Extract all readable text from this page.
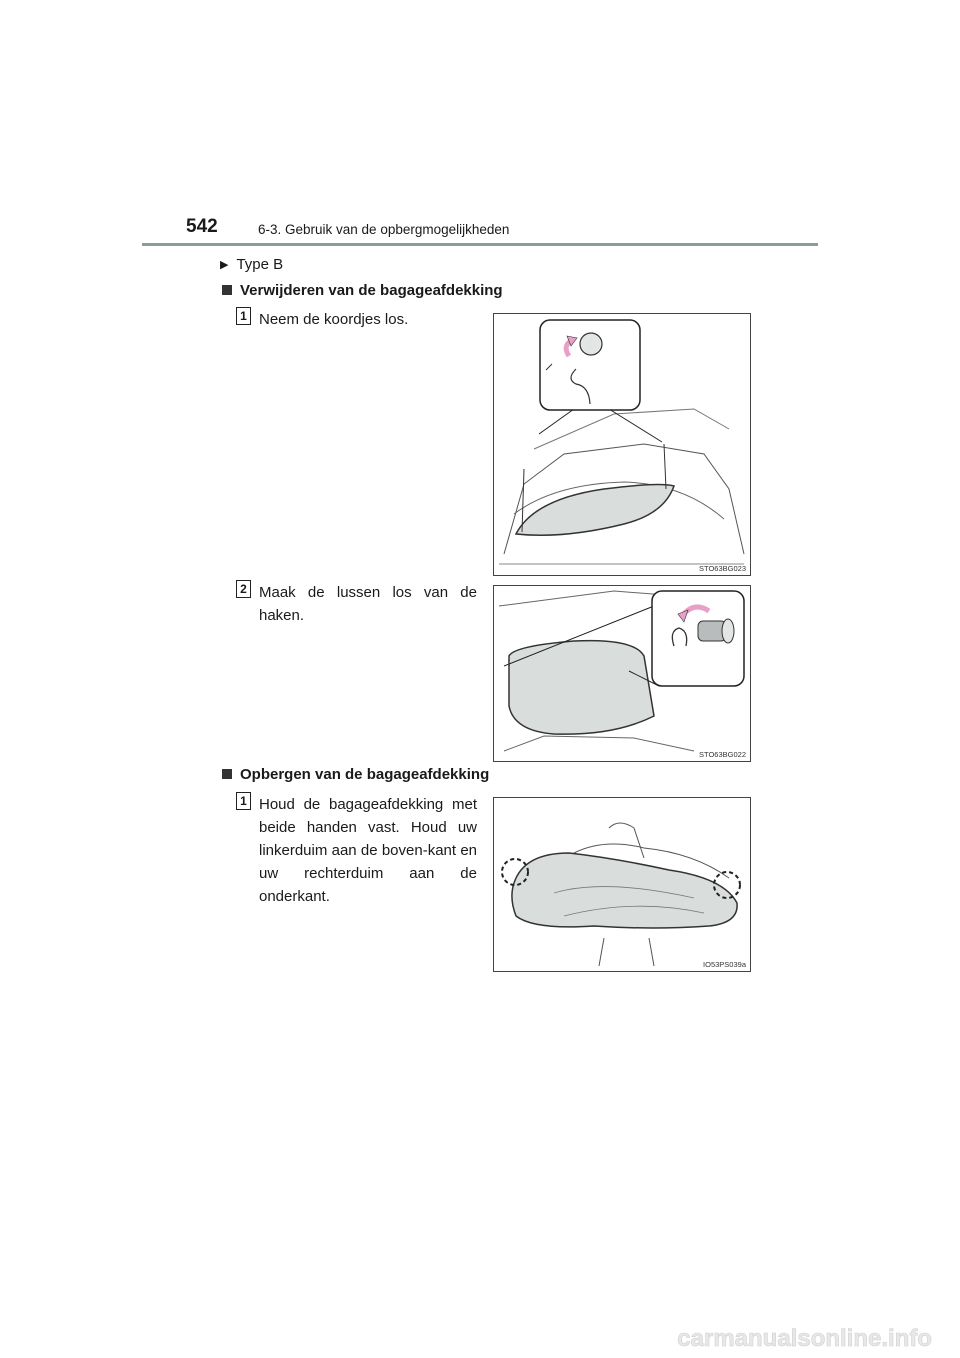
542	6-3. Gebruik van de opbergmogelijkheden
▶ Type B
Verwijderen van de bagageafdekking
1 Neem de koordjes los.
STO63BG023
2 Maak de lussen los van de haken.
STO63BG022
Opbergen van de bagageafdekking
1 Houd de bagageafdekking met beide handen vast. Houd uw linkerduim aan de boven-kant en uw rechterduim aan de onderkant.
IO53PS039a
carmanualsonline.info
